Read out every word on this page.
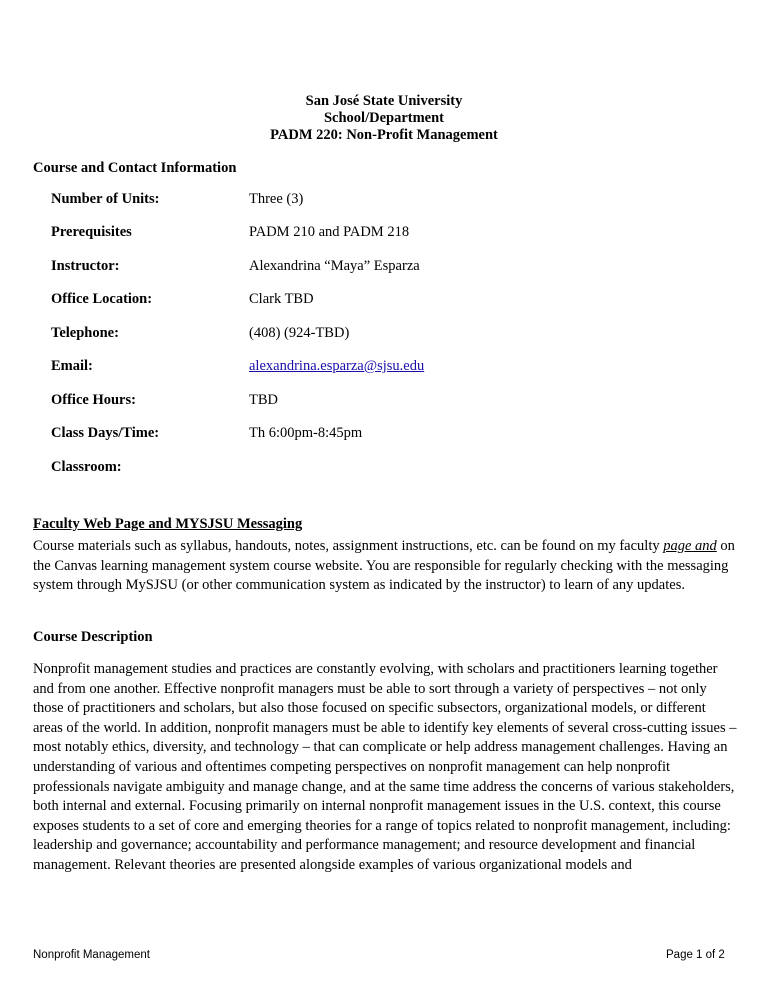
San José State University
School/Department
PADM 220: Non-Profit Management
Course and Contact Information
Number of Units:	Three (3)
Prerequisites	PADM 210 and PADM 218
Instructor:	Alexandrina “Maya” Esparza
Office Location:	Clark TBD
Telephone:	(408) (924-TBD)
Email:	alexandrina.esparza@sjsu.edu
Office Hours:	TBD
Class Days/Time:	Th 6:00pm-8:45pm
Classroom:
Faculty Web Page and MYSJSU Messaging
Course materials such as syllabus, handouts, notes, assignment instructions, etc. can be found on my faculty page and on the Canvas learning management system course website. You are responsible for regularly checking with the messaging system through MySJSU (or other communication system as indicated by the instructor) to learn of any updates.
Course Description
Nonprofit management studies and practices are constantly evolving, with scholars and practitioners learning together and from one another. Effective nonprofit managers must be able to sort through a variety of perspectives – not only those of practitioners and scholars, but also those focused on specific subsectors, organizational models, or different areas of the world. In addition, nonprofit managers must be able to identify key elements of several cross-cutting issues – most notably ethics, diversity, and technology – that can complicate or help address management challenges. Having an understanding of various and oftentimes competing perspectives on nonprofit management can help nonprofit professionals navigate ambiguity and manage change, and at the same time address the concerns of various stakeholders, both internal and external. Focusing primarily on internal nonprofit management issues in the U.S. context, this course exposes students to a set of core and emerging theories for a range of topics related to nonprofit management, including: leadership and governance; accountability and performance management; and resource development and financial management. Relevant theories are presented alongside examples of various organizational models and
Nonprofit Management	Page 1 of 2
